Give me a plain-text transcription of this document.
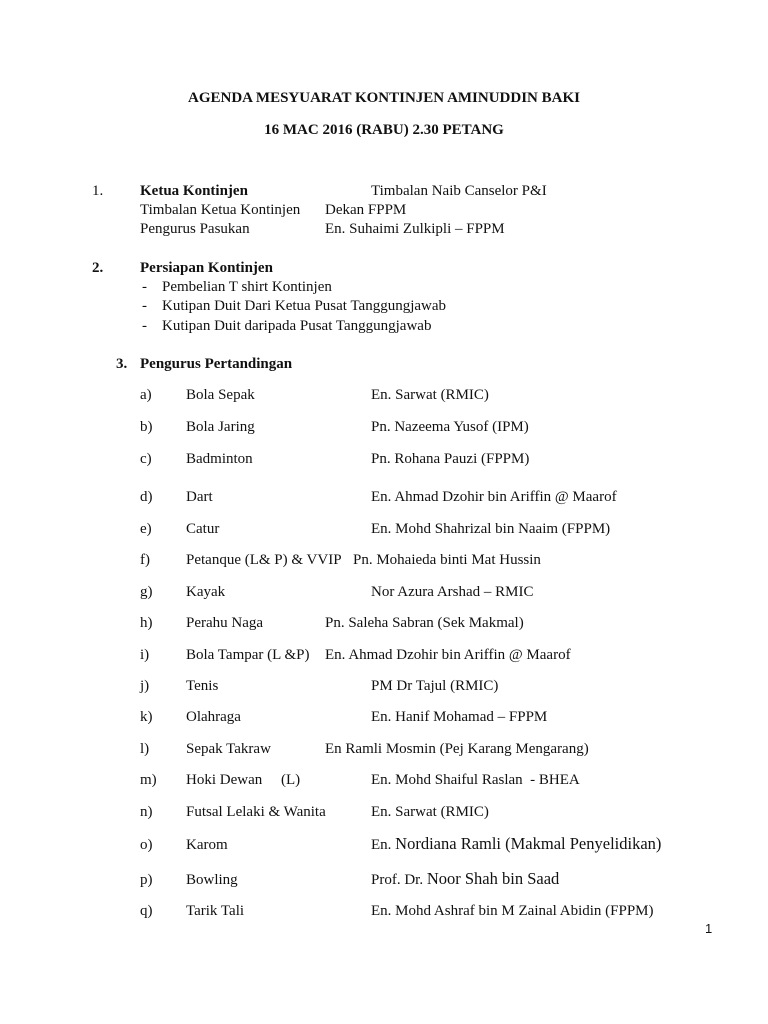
AGENDA MESYUARAT KONTINJEN AMINUDDIN BAKI
16 MAC 2016 (RABU) 2.30 PETANG
1. Ketua Kontinjen	Timbalan Naib Canselor P&I
Timbalan Ketua Kontinjen Dekan FPPM
Pengurus Pasukan	En. Suhaimi Zulkipli – FPPM
2. Persiapan Kontinjen
- Pembelian T shirt Kontinjen
- Kutipan Duit Dari Ketua Pusat Tanggungjawab
- Kutipan Duit daripada Pusat Tanggungjawab
3. Pengurus Pertandingan
a) Bola Sepak	En. Sarwat (RMIC)
b) Bola Jaring	Pn. Nazeema Yusof (IPM)
c) Badminton	Pn. Rohana Pauzi (FPPM)
d) Dart	En. Ahmad Dzohir bin Ariffin @ Maarof
e) Catur	En. Mohd Shahrizal bin Naaim (FPPM)
f) Petanque (L& P) & VVIP Pn. Mohaieda binti Mat Hussin
g) Kayak	Nor Azura Arshad – RMIC
h) Perahu Naga	Pn. Saleha Sabran (Sek Makmal)
i) Bola Tampar (L &P) En. Ahmad Dzohir bin Ariffin @ Maarof
j) Tenis	PM Dr Tajul (RMIC)
k) Olahraga	En. Hanif Mohamad – FPPM
l) Sepak Takraw	En Ramli Mosmin (Pej Karang Mengarang)
m) Hoki Dewan     (L)	En. Mohd Shaiful Raslan  - BHEA
n) Futsal Lelaki & Wanita	En. Sarwat (RMIC)
o) Karom	En. Nordiana Ramli (Makmal Penyelidikan)
p) Bowling	Prof. Dr. Noor Shah bin Saad
q) Tarik Tali	En. Mohd Ashraf bin M Zainal Abidin (FPPM)
1
